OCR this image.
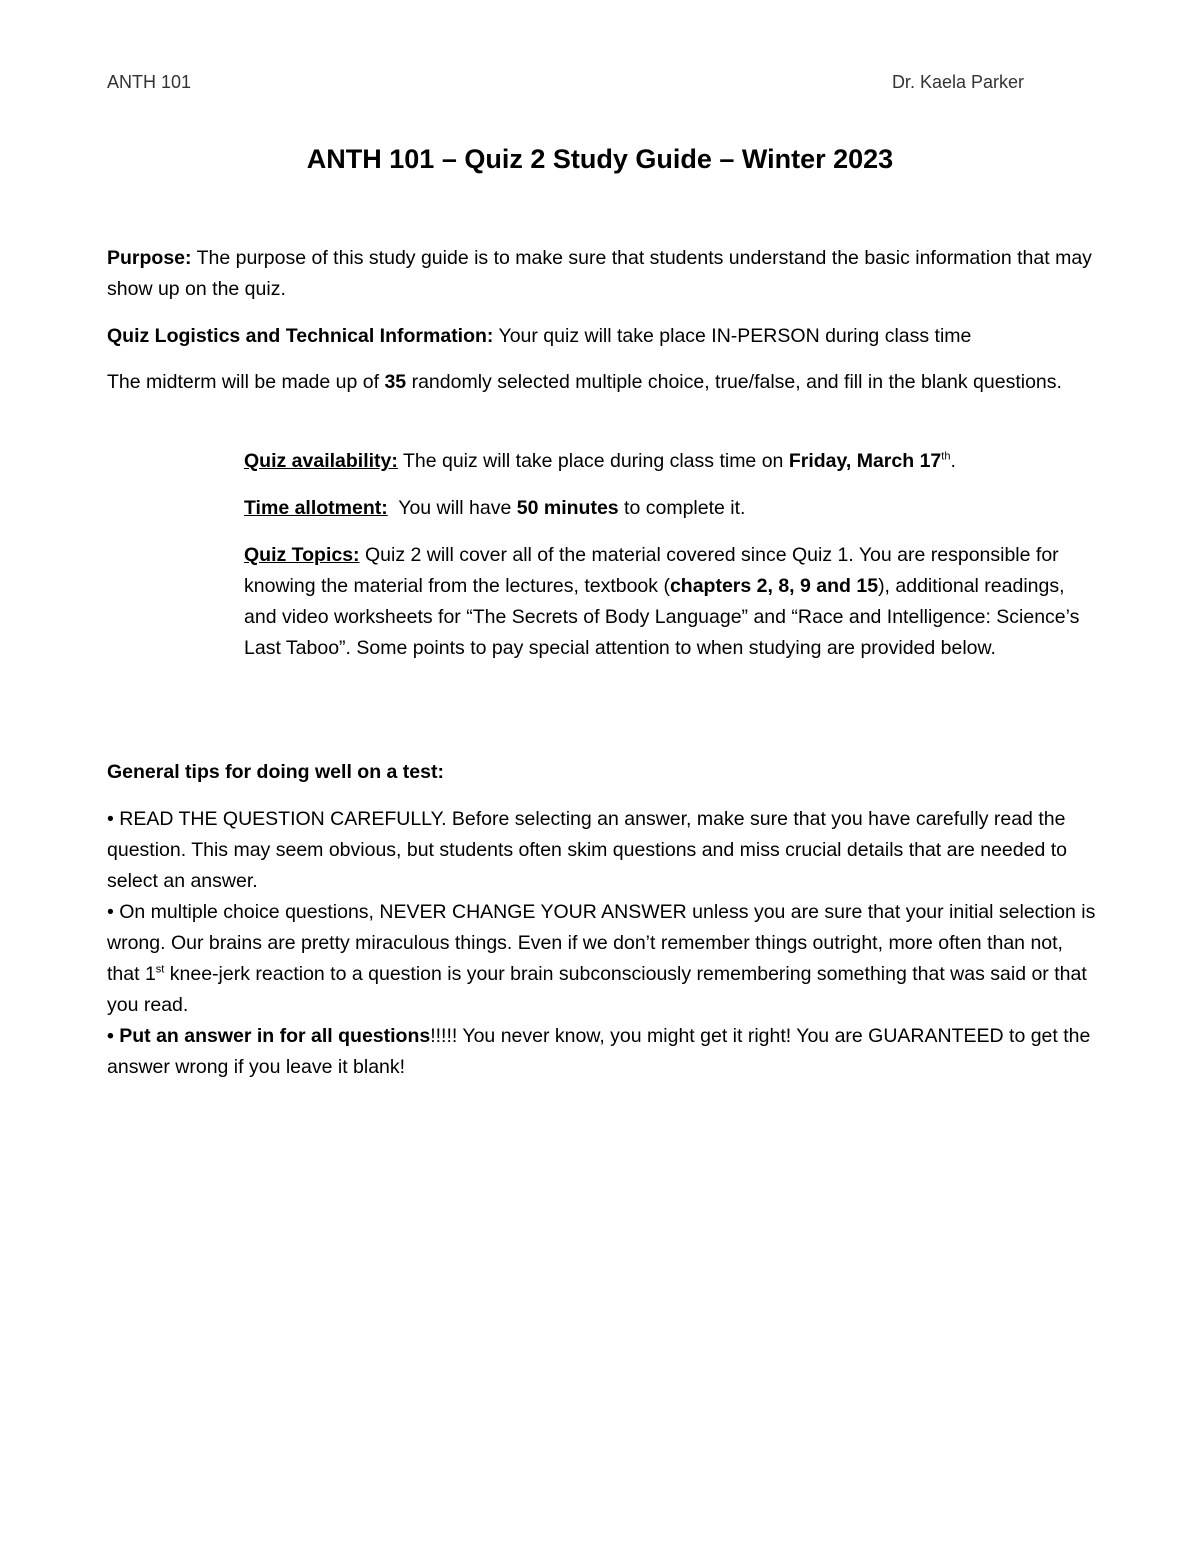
ANTH 101	Dr. Kaela Parker
ANTH 101 – Quiz 2 Study Guide – Winter 2023

Purpose: The purpose of this study guide is to make sure that students understand the basic information that may show up on the quiz.

Quiz Logistics and Technical Information: Your quiz will take place IN-PERSON during class time

The midterm will be made up of 35 randomly selected multiple choice, true/false, and fill in the blank questions.

Quiz availability: The quiz will take place during class time on Friday, March 17th.

Time allotment:  You will have 50 minutes to complete it.

Quiz Topics: Quiz 2 will cover all of the material covered since Quiz 1. You are responsible for knowing the material from the lectures, textbook (chapters 2, 8, 9 and 15), additional readings, and video worksheets for “The Secrets of Body Language” and “Race and Intelligence: Science’s Last Taboo”. Some points to pay special attention to when studying are provided below.

General tips for doing well on a test:

• READ THE QUESTION CAREFULLY. Before selecting an answer, make sure that you have carefully read the question. This may seem obvious, but students often skim questions and miss crucial details that are needed to select an answer.

• On multiple choice questions, NEVER CHANGE YOUR ANSWER unless you are sure that your initial selection is wrong. Our brains are pretty miraculous things. Even if we don’t remember things outright, more often than not, that 1st knee-jerk reaction to a question is your brain subconsciously remembering something that was said or that you read.

• Put an answer in for all questions!!!!! You never know, you might get it right! You are GUARANTEED to get the answer wrong if you leave it blank!
